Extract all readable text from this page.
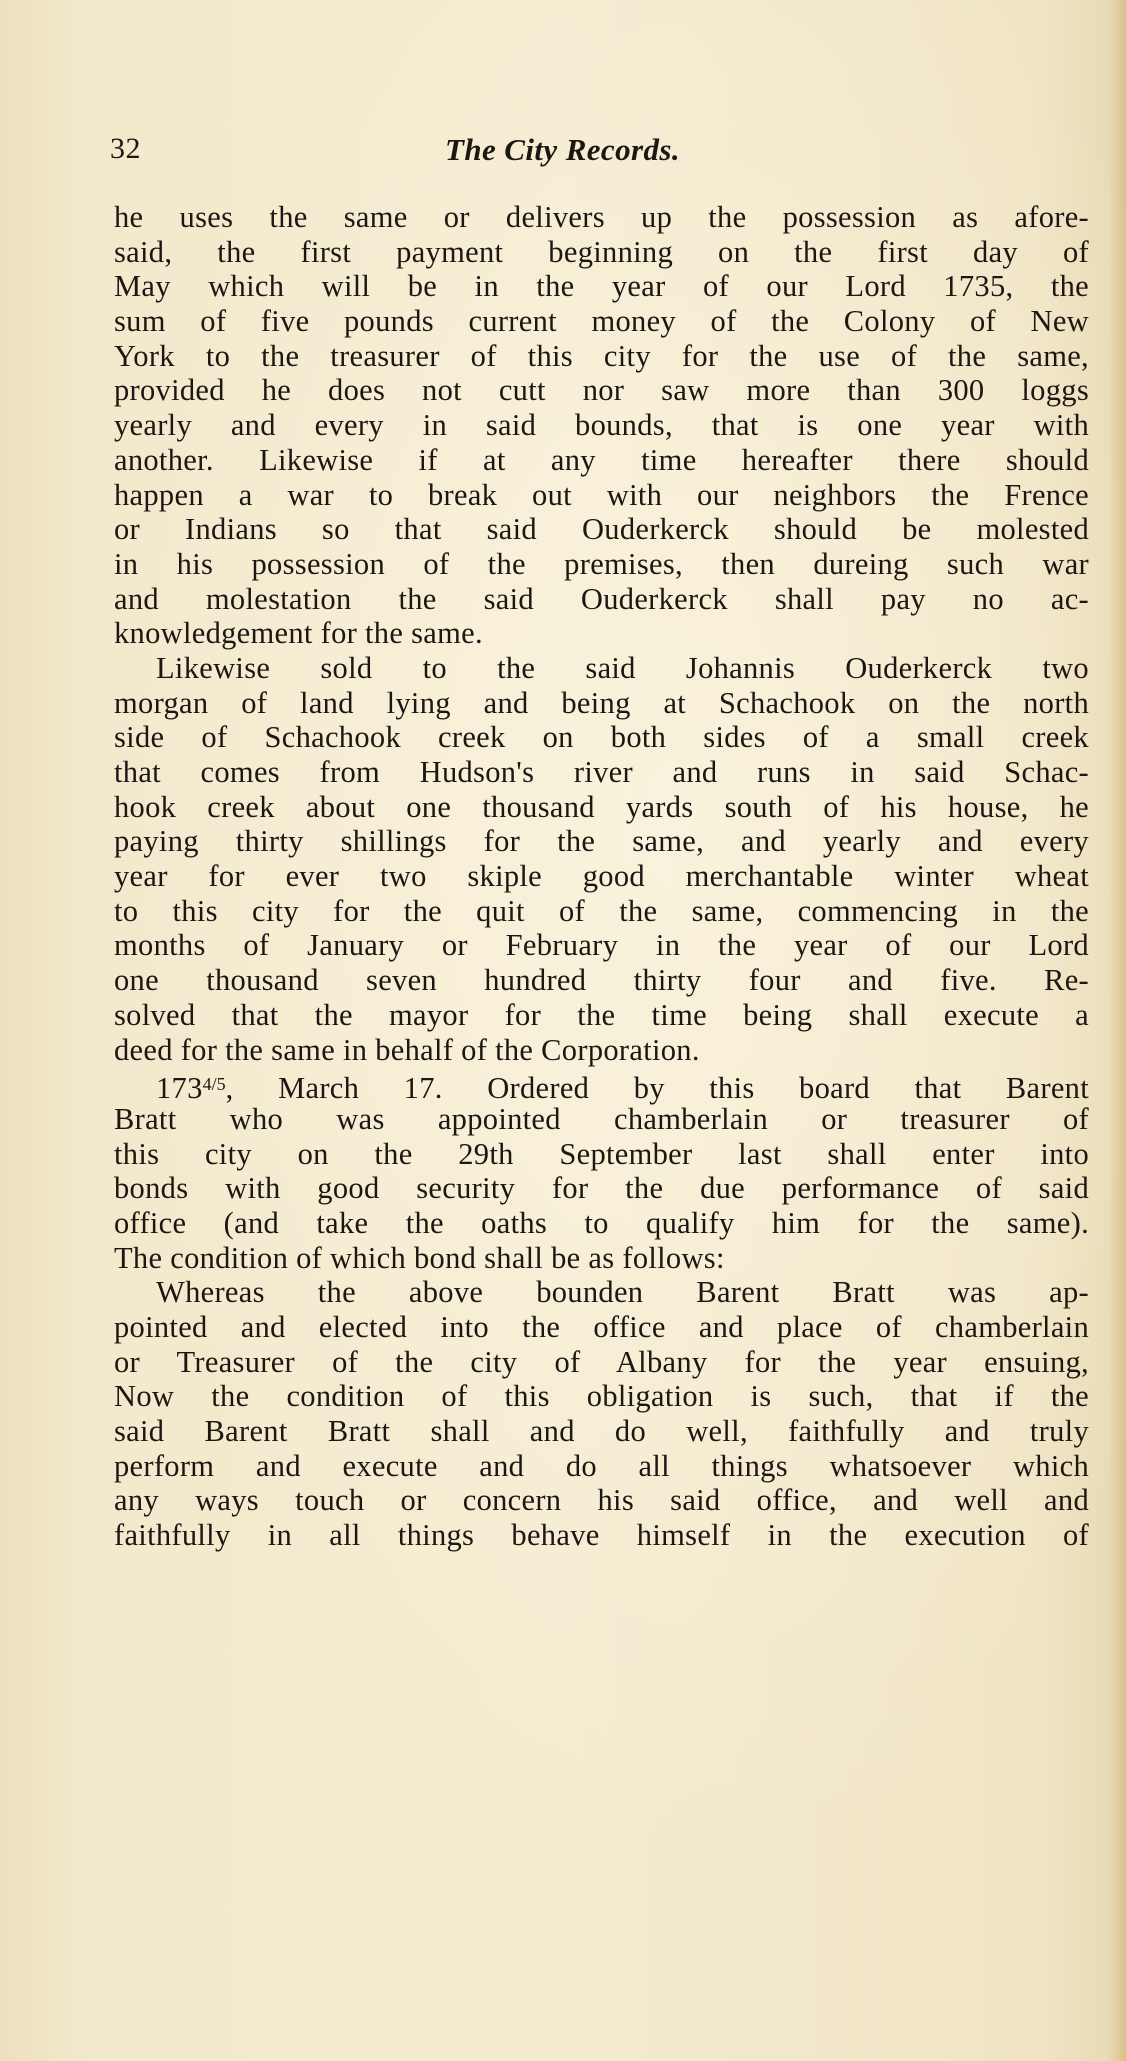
32	The City Records.
he uses the same or delivers up the possession as afore-
said, the first payment beginning on the first day of
May which will be in the year of our Lord 1735, the
sum of five pounds current money of the Colony of New
York to the treasurer of this city for the use of the same,
provided he does not cutt nor saw more than 300 loggs
yearly and every in said bounds, that is one year with
another. Likewise if at any time hereafter there should
happen a war to break out with our neighbors the Frence
or Indians so that said Ouderkerck should be molested
in his possession of the premises, then dureing such war
and molestation the said Ouderkerck shall pay no ac-
knowledgement for the same.
Likewise sold to the said Johannis Ouderkerck two
morgan of land lying and being at Schachook on the north
side of Schachook creek on both sides of a small creek
that comes from Hudson's river and runs in said Schac-
hook creek about one thousand yards south of his house, he
paying thirty shillings for the same, and yearly and every
year for ever two skiple good merchantable winter wheat
to this city for the quit of the same, commencing in the
months of January or February in the year of our Lord
one thousand seven hundred thirty four and five. Re-
solved that the mayor for the time being shall execute a
deed for the same in behalf of the Corporation.
$173^{4/5}$, March 17. Ordered by this board that Barent
Bratt who was appointed chamberlain or treasurer of
this city on the 29th September last shall enter into
bonds with good security for the due performance of said
office (and take the oaths to qualify him for the same).
The condition of which bond shall be as follows:
Whereas the above bounden Barent Bratt was ap-
pointed and elected into the office and place of chamberlain
or Treasurer of the city of Albany for the year ensuing,
Now the condition of this obligation is such, that if the
said Barent Bratt shall and do well, faithfully and truly
perform and execute and do all things whatsoever which
any ways touch or concern his said office, and well and
faithfully in all things behave himself in the execution of
